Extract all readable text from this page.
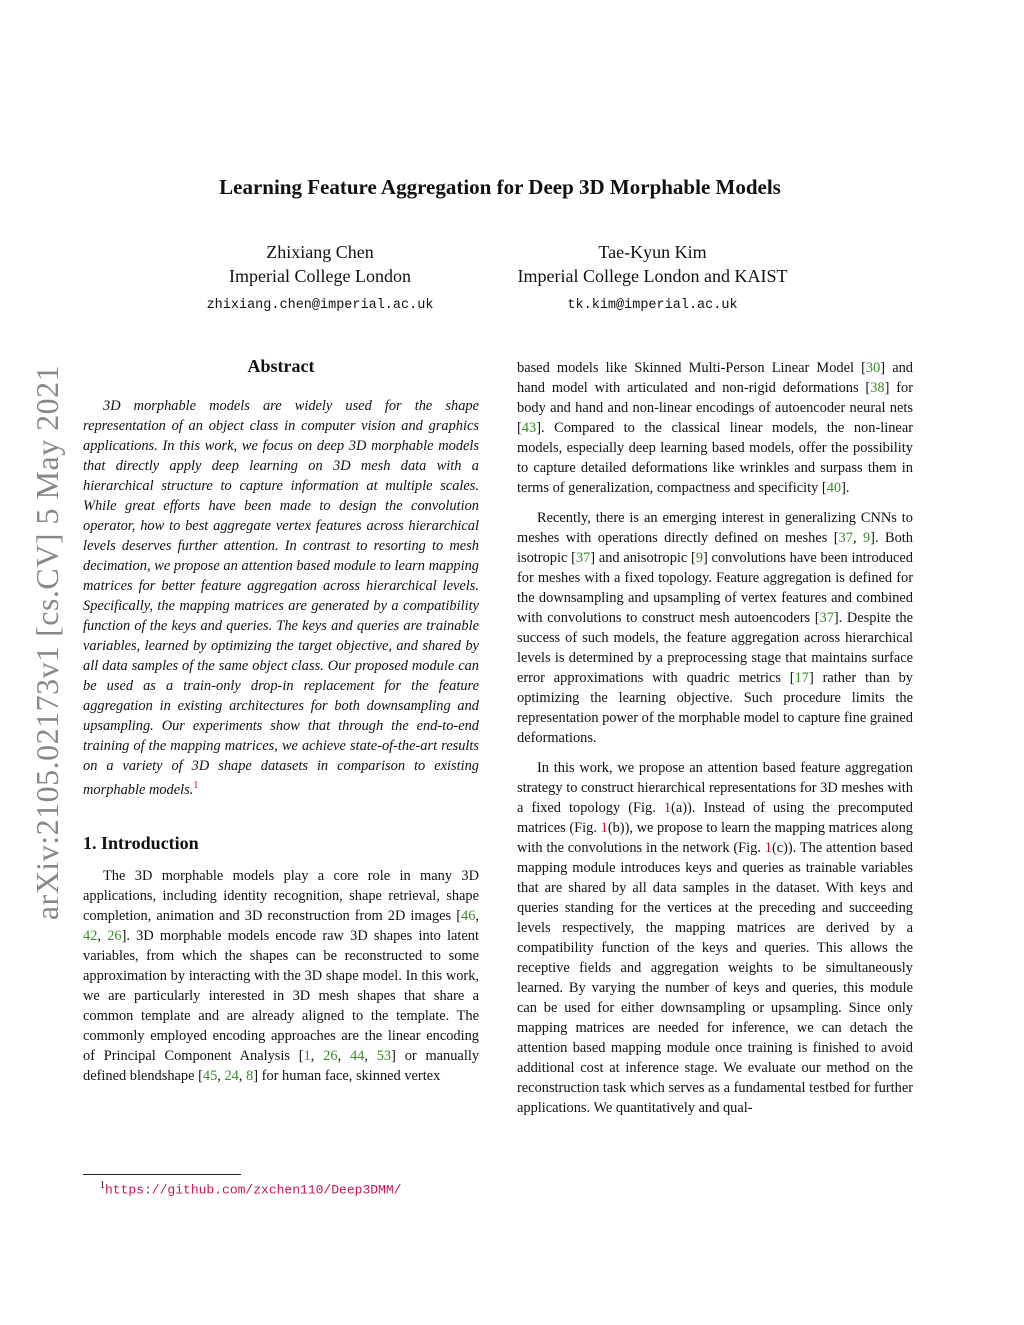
arXiv:2105.02173v1 [cs.CV] 5 May 2021
Learning Feature Aggregation for Deep 3D Morphable Models
Zhixiang Chen
Imperial College London
zhixiang.chen@imperial.ac.uk
Tae-Kyun Kim
Imperial College London and KAIST
tk.kim@imperial.ac.uk
Abstract

3D morphable models are widely used for the shape representation of an object class in computer vision and graphics applications. In this work, we focus on deep 3D morphable models that directly apply deep learning on 3D mesh data with a hierarchical structure to capture information at multiple scales. While great efforts have been made to design the convolution operator, how to best aggregate vertex features across hierarchical levels deserves further attention. In contrast to resorting to mesh decimation, we propose an attention based module to learn mapping matrices for better feature aggregation across hierarchical levels. Specifically, the mapping matrices are generated by a compatibility function of the keys and queries. The keys and queries are trainable variables, learned by optimizing the target objective, and shared by all data samples of the same object class. Our proposed module can be used as a train-only drop-in replacement for the feature aggregation in existing architectures for both downsampling and upsampling. Our experiments show that through the end-to-end training of the mapping matrices, we achieve state-of-the-art results on a variety of 3D shape datasets in comparison to existing morphable models.$^1$

1. Introduction

The 3D morphable models play a core role in many 3D applications, including identity recognition, shape retrieval, shape completion, animation and 3D reconstruction from 2D images [46, 42, 26]. 3D morphable models encode raw 3D shapes into latent variables, from which the shapes can be reconstructed to some approximation by interacting with the 3D shape model. In this work, we are particularly interested in 3D mesh shapes that share a common template and are already aligned to the template. The commonly employed encoding approaches are the linear encoding of Principal Component Analysis [1, 26, 44, 53] or manually defined blendshape [45, 24, 8] for human face, skinned vertex

based models like Skinned Multi-Person Linear Model [30] and hand model with articulated and non-rigid deformations [38] for body and hand and non-linear encodings of autoencoder neural nets [43]. Compared to the classical linear models, the non-linear models, especially deep learning based models, offer the possibility to capture detailed deformations like wrinkles and surpass them in terms of generalization, compactness and specificity [40].

Recently, there is an emerging interest in generalizing CNNs to meshes with operations directly defined on meshes [37, 9]. Both isotropic [37] and anisotropic [9] convolutions have been introduced for meshes with a fixed topology. Feature aggregation is defined for the downsampling and upsampling of vertex features and combined with convolutions to construct mesh autoencoders [37]. Despite the success of such models, the feature aggregation across hierarchical levels is determined by a preprocessing stage that maintains surface error approximations with quadric metrics [17] rather than by optimizing the learning objective. Such procedure limits the representation power of the morphable model to capture fine grained deformations.

In this work, we propose an attention based feature aggregation strategy to construct hierarchical representations for 3D meshes with a fixed topology (Fig. 1(a)). Instead of using the precomputed matrices (Fig. 1(b)), we propose to learn the mapping matrices along with the convolutions in the network (Fig. 1(c)). The attention based mapping module introduces keys and queries as trainable variables that are shared by all data samples in the dataset. With keys and queries standing for the vertices at the preceding and succeeding levels respectively, the mapping matrices are derived by a compatibility function of the keys and queries. This allows the receptive fields and aggregation weights to be simultaneously learned. By varying the number of keys and queries, this module can be used for either downsampling or upsampling. Since only mapping matrices are needed for inference, we can detach the attention based mapping module once training is finished to avoid additional cost at inference stage. We evaluate our method on the reconstruction task which serves as a fundamental testbed for further applications. We quantitatively and qual-

$^1$https://github.com/zxchen110/Deep3DMM/
